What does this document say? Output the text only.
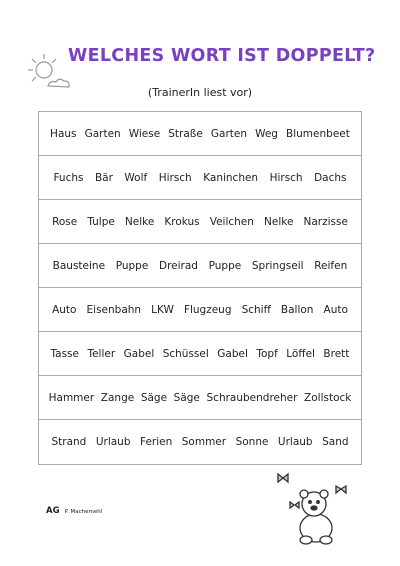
WELCHES WORT IST DOPPELT?
(TrainerIn liest vor)
Haus Garten Wiese Straße Garten Weg Blumenbeet
Fuchs Bär Wolf Hirsch Kaninchen Hirsch Dachs
Rose Tulpe Nelke Krokus Veilchen Nelke Narzisse
Bausteine Puppe Dreirad Puppe Springseil Reifen
Auto Eisenbahn LKW Flugzeug Schiff Ballon Auto
Tasse Teller Gabel Schüssel Gabel Topf Löffel Brett
Hammer Zange Säge Säge Schraubendreher Zollstock
Strand Urlaub Ferien Sommer Sonne Urlaub Sand
AG P. Machemehl
